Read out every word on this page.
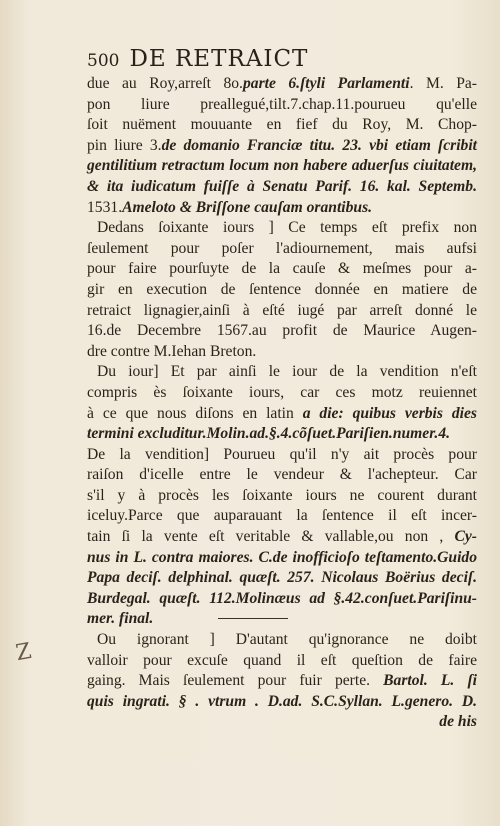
500 DE RETRAICT
due au Roy,arreſt 8o.parte 6.ſtyli Parlamenti. M. Pa-
pon liure preallegué,tilt.7.chap.11.pourueu qu'elle
ſoit nuëment mouuante en fief du Roy, M. Chop-
pin liure 3.de domanio Franciæ titu. 23. vbi etiam ſcribit
gentilitium retractum locum non habere aduerſus ciuitatem,
& ita iudicatum fuiſſe à Senatu Parif. 16. kal. Septemb.
1531.Ameloto & Briſſone cauſam orantibus.
Dedans ſoixante iours ] Ce temps eſt prefix non
ſeulement pour poſer l'adiournement, mais aufsi
pour faire pourſuyte de la cauſe & meſmes pour a-
gir en execution de ſentence donnée en matiere de
retraict lignagier,ainſi à eſté iugé par arreſt donné le
16.de Decembre 1567.au profit de Maurice Augen-
dre contre M.Iehan Breton.
Du iour] Et par ainſi le iour de la vendition n'eſt
compris ès ſoixante iours, car ces motz reuiennet
à ce que nous diſons en latin a die: quibus verbis dies
termini excluditur.Molin.ad.§.4.cõſuet.Pariſien.numer.4.
De la vendition] Pourueu qu'il n'y ait procès pour
raiſon d'icelle entre le vendeur & l'achepteur. Car
s'il y à procès les ſoixante iours ne courent durant
iceluy.Parce que auparauant la ſentence il eſt incer-
tain ſi la vente eſt veritable & vallable,ou non , Cy-
nus in L. contra maiores. C.de inofficioſo teſtamento.Guido
Papa deciſ. delphinal. quæſt. 257. Nicolaus Boërius deciſ.
Burdegal. quæſt. 112.Molinæus ad §.42.conſuet.Pariſinu-
mer. final.
Ou ignorant ] D'autant qu'ignorance ne doibt
valloir pour excuſe quand il eſt queſtion de faire
gaing. Mais ſeulement pour fuir perte. Bartol. L. ſi
quis ingrati. § . vtrum . D.ad. S.C.Syllan. L.genero. D.
de his
Z
